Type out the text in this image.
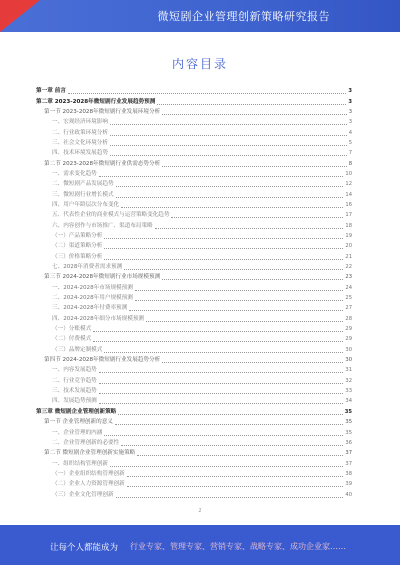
微短剧企业管理创新策略研究报告
内容目录
第一章 前言	3
第二章 2023-2028年微短剧行业发展趋势预测	3
第一节 2023-2028年微短剧行业发展环境分析	3
一、宏观经济环境影响	3
二、行业政策环境分析	4
三、社会文化环境分析	5
四、技术环境发展趋势	7
第二节 2023-2028年微短剧行业供需态势分析	8
一、需求变化趋势	10
二、微短剧产品发展趋势	12
三、微短剧行业增长模式	14
四、用户年龄层次分布变化	16
五、代表性企业的商业模式与运营策略变化趋势	17
六、内容创作与市场推广、渠道布局策略	18
（一）产品策略分析	19
（二）渠道策略分析	20
（三）价格策略分析	21
七、2028年消费者需求预测	22
第三节 2024-2028年微短剧行业市场规模预测	23
一、2024-2028年市场规模预测	24
二、2024-2028年用户规模预测	25
三、2024-2028年付费率预测	27
四、2024-2028年细分市场规模预测	28
（一）分账模式	29
（二）付费模式	29
（三）品牌定制模式	30
第四节 2024-2028年微短剧行业发展趋势分析	30
一、内容发展趋势	31
二、行业竞争趋势	32
三、技术发展趋势	33
四、发展趋势预测	34
第三章 微短剧企业管理创新策略	35
第一节 企业管理创新的意义	35
一、企业管理的内涵	35
二、企业管理创新的必要性	36
第二节 微短剧企业管理创新实施策略	37
一、组织结构管理创新	37
（一）企业组织结构管理创新	38
（二）企业人力资源管理创新	39
（三）企业文化管理创新	40
2
让每个人都能成为 行业专家、管理专家、营销专家、战略专家、成功企业家……
